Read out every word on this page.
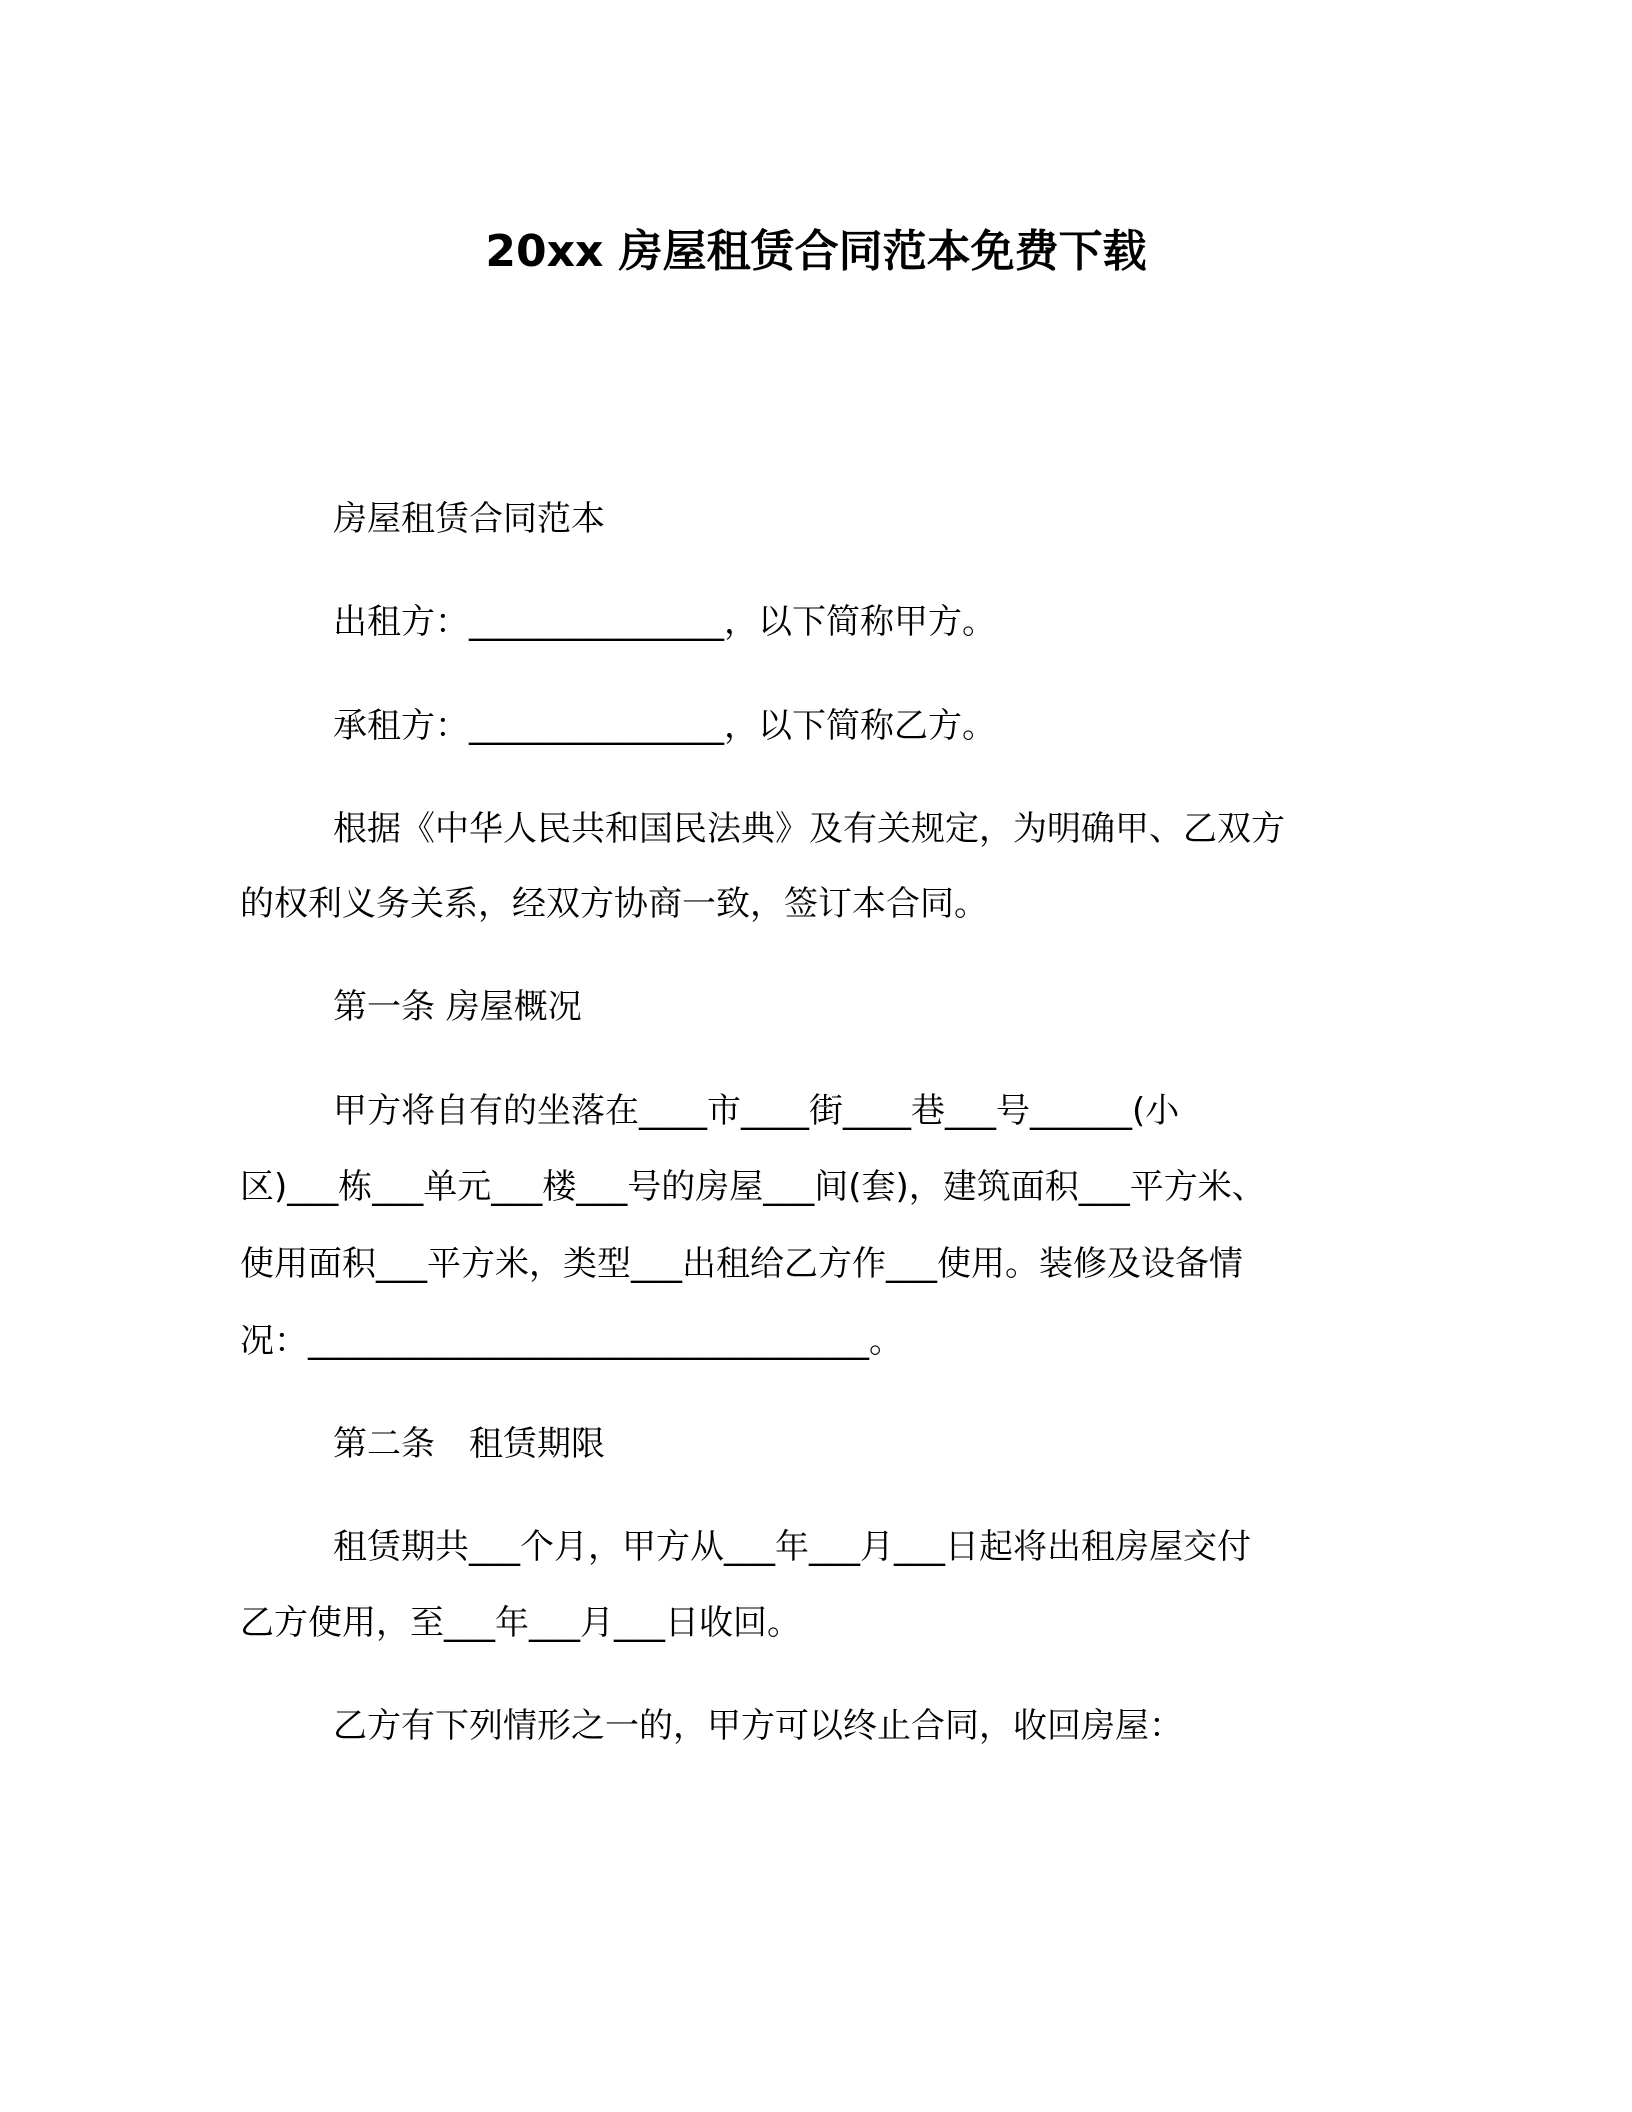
20xx 房屋租赁合同范本免费下载
房屋租赁合同范本
出租方：_______________，以下简称甲方。
承租方：_______________，以下简称乙方。
根据《中华人民共和国民法典》及有关规定，为明确甲、乙双方
的权利义务关系，经双方协商一致，签订本合同。
第一条 房屋概况
甲方将自有的坐落在____市____街____巷___号______(小
区)___栋___单元___楼___号的房屋___间(套)，建筑面积___平方米、
使用面积___平方米，类型___出租给乙方作___使用。装修及设备情
况：_________________________________。
第二条　租赁期限
租赁期共___个月，甲方从___年___月___日起将出租房屋交付
乙方使用，至___年___月___日收回。
乙方有下列情形之一的，甲方可以终止合同，收回房屋：
